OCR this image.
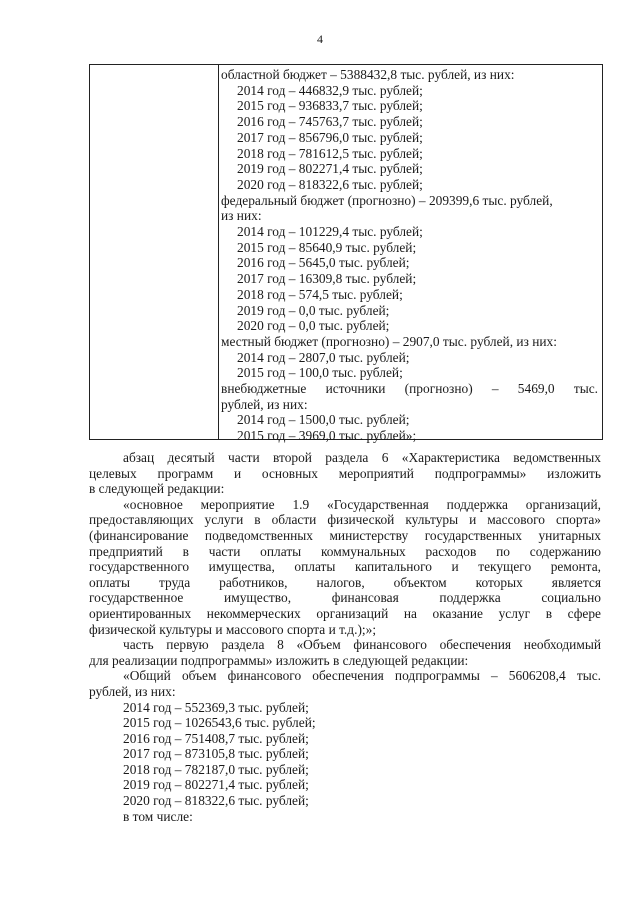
4
областной бюджет – 5388432,8 тыс. рублей, из них:
2014 год – 446832,9 тыс. рублей;
2015 год – 936833,7 тыс. рублей;
2016 год – 745763,7 тыс. рублей;
2017 год – 856796,0 тыс. рублей;
2018 год – 781612,5 тыс. рублей;
2019 год – 802271,4 тыс. рублей;
2020 год – 818322,6 тыс. рублей;
федеральный бюджет (прогнозно) – 209399,6 тыс. рублей,
из них:
2014 год – 101229,4 тыс. рублей;
2015 год – 85640,9 тыс. рублей;
2016 год – 5645,0 тыс. рублей;
2017 год – 16309,8 тыс. рублей;
2018 год – 574,5 тыс. рублей;
2019 год – 0,0 тыс. рублей;
2020 год – 0,0 тыс. рублей;
местный бюджет (прогнозно) – 2907,0 тыс. рублей, из них:
2014 год – 2807,0 тыс. рублей;
2015 год – 100,0 тыс. рублей;
внебюджетные источники (прогнозно) – 5469,0 тыс.
рублей, из них:
2014 год – 1500,0 тыс. рублей;
2015 год – 3969,0 тыс. рублей»;

абзац десятый части второй раздела 6 «Характеристика ведомственных
целевых программ и основных мероприятий подпрограммы» изложить
в следующей редакции:

«основное мероприятие 1.9 «Государственная поддержка организаций,
предоставляющих услуги в области физической культуры и массового спорта»
(финансирование подведомственных министерству государственных унитарных
предприятий в части оплаты коммунальных расходов по содержанию
государственного имущества, оплаты капитального и текущего ремонта,
оплаты труда работников, налогов, объектом которых является
государственное имущество, финансовая поддержка социально
ориентированных некоммерческих организаций на оказание услуг в сфере
физической культуры и массового спорта и т.д.);»;

часть первую раздела 8 «Объем финансового обеспечения необходимый
для реализации подпрограммы» изложить в следующей редакции:

«Общий объем финансового обеспечения подпрограммы – 5606208,4 тыс.
рублей, из них:

2014 год – 552369,3 тыс. рублей;
2015 год – 1026543,6 тыс. рублей;
2016 год – 751408,7 тыс. рублей;
2017 год – 873105,8 тыс. рублей;
2018 год – 782187,0 тыс. рублей;
2019 год – 802271,4 тыс. рублей;
2020 год – 818322,6 тыс. рублей;
в том числе:
